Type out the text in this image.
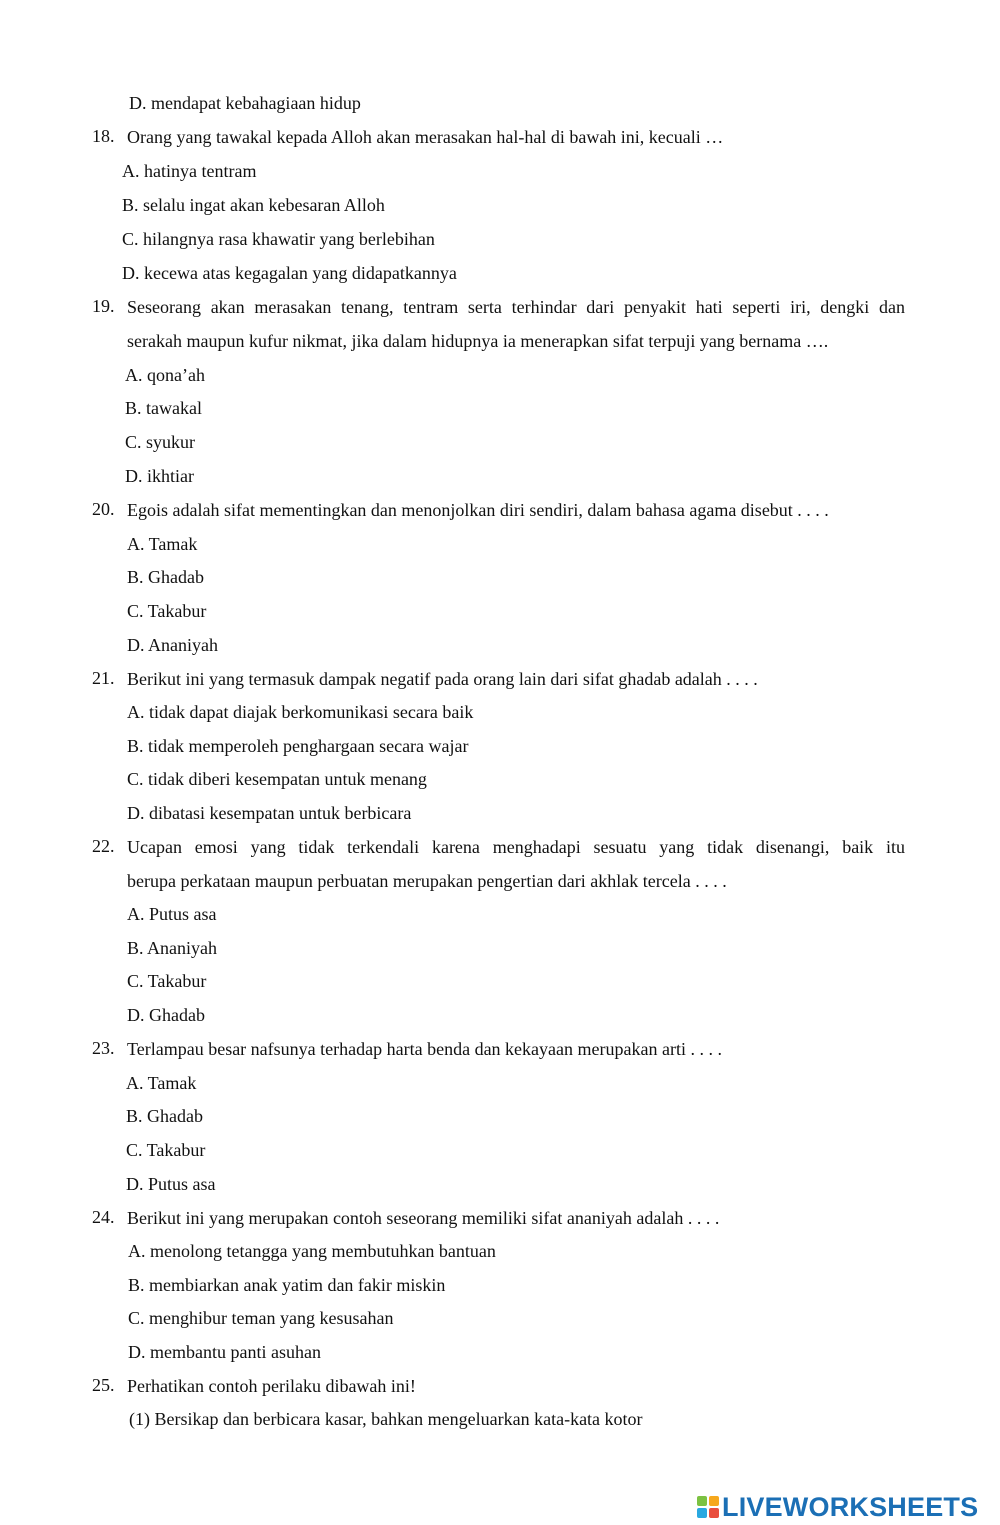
D. mendapat kebahagiaan hidup
18. Orang yang tawakal kepada Alloh akan merasakan hal-hal di bawah ini, kecuali …
A. hatinya tentram
B. selalu ingat akan kebesaran Alloh
C. hilangnya rasa khawatir yang berlebihan
D. kecewa atas kegagalan yang didapatkannya
19. Seseorang akan merasakan tenang, tentram serta terhindar dari penyakit hati seperti iri, dengki dan
serakah maupun kufur nikmat, jika dalam hidupnya ia menerapkan sifat terpuji yang bernama ….
A. qona’ah
B. tawakal
C. syukur
D. ikhtiar
20. Egois adalah sifat mementingkan dan menonjolkan diri sendiri, dalam bahasa agama disebut . . . .
A. Tamak
B. Ghadab
C. Takabur
D. Ananiyah
21. Berikut ini yang termasuk dampak negatif pada orang lain dari sifat ghadab adalah . . . .
A. tidak dapat diajak berkomunikasi secara baik
B. tidak memperoleh penghargaan secara wajar
C. tidak diberi kesempatan untuk menang
D. dibatasi kesempatan untuk berbicara
22. Ucapan emosi yang tidak terkendali karena menghadapi sesuatu yang tidak disenangi, baik itu
berupa perkataan maupun perbuatan merupakan pengertian dari akhlak tercela . . . .
A. Putus asa
B. Ananiyah
C. Takabur
D. Ghadab
23. Terlampau besar nafsunya terhadap harta benda dan kekayaan merupakan arti . . . .
A. Tamak
B. Ghadab
C. Takabur
D. Putus asa
24. Berikut ini yang merupakan contoh seseorang memiliki sifat ananiyah adalah . . . .
A. menolong tetangga yang membutuhkan bantuan
B. membiarkan anak yatim dan fakir miskin
C. menghibur teman yang kesusahan
D. membantu panti asuhan
25. Perhatikan contoh perilaku dibawah ini!
(1) Bersikap dan berbicara kasar, bahkan mengeluarkan kata-kata kotor
LIVEWORKSHEETS
